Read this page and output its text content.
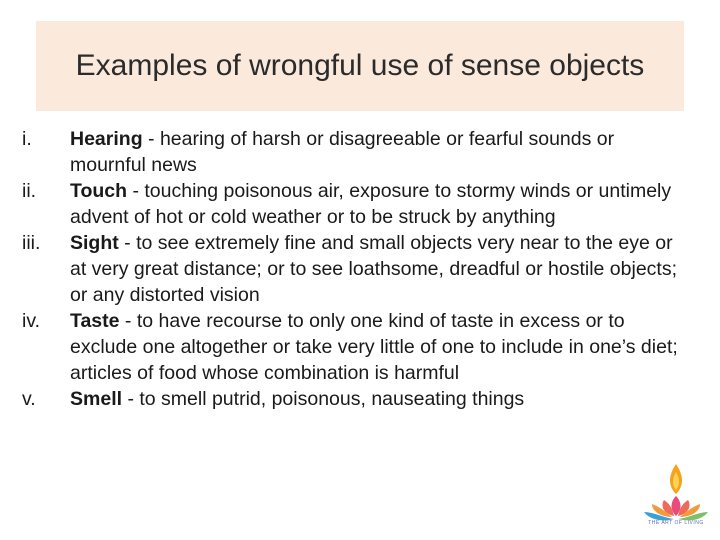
Examples of wrongful use of sense objects
i. Hearing - hearing of harsh or disagreeable or fearful sounds or mournful news
ii. Touch - touching poisonous air, exposure to stormy winds or untimely advent of hot or cold weather or to be struck by anything
iii. Sight - to see extremely fine and small objects very near to the eye or at very great distance; or to see loathsome, dreadful or hostile objects; or any distorted vision
iv. Taste - to have recourse to only one kind of taste in excess or to exclude one altogether or take very little of one to include in one’s diet; articles of food whose combination is harmful
v. Smell - to smell putrid, poisonous, nauseating things
THE ART OF LIVING
